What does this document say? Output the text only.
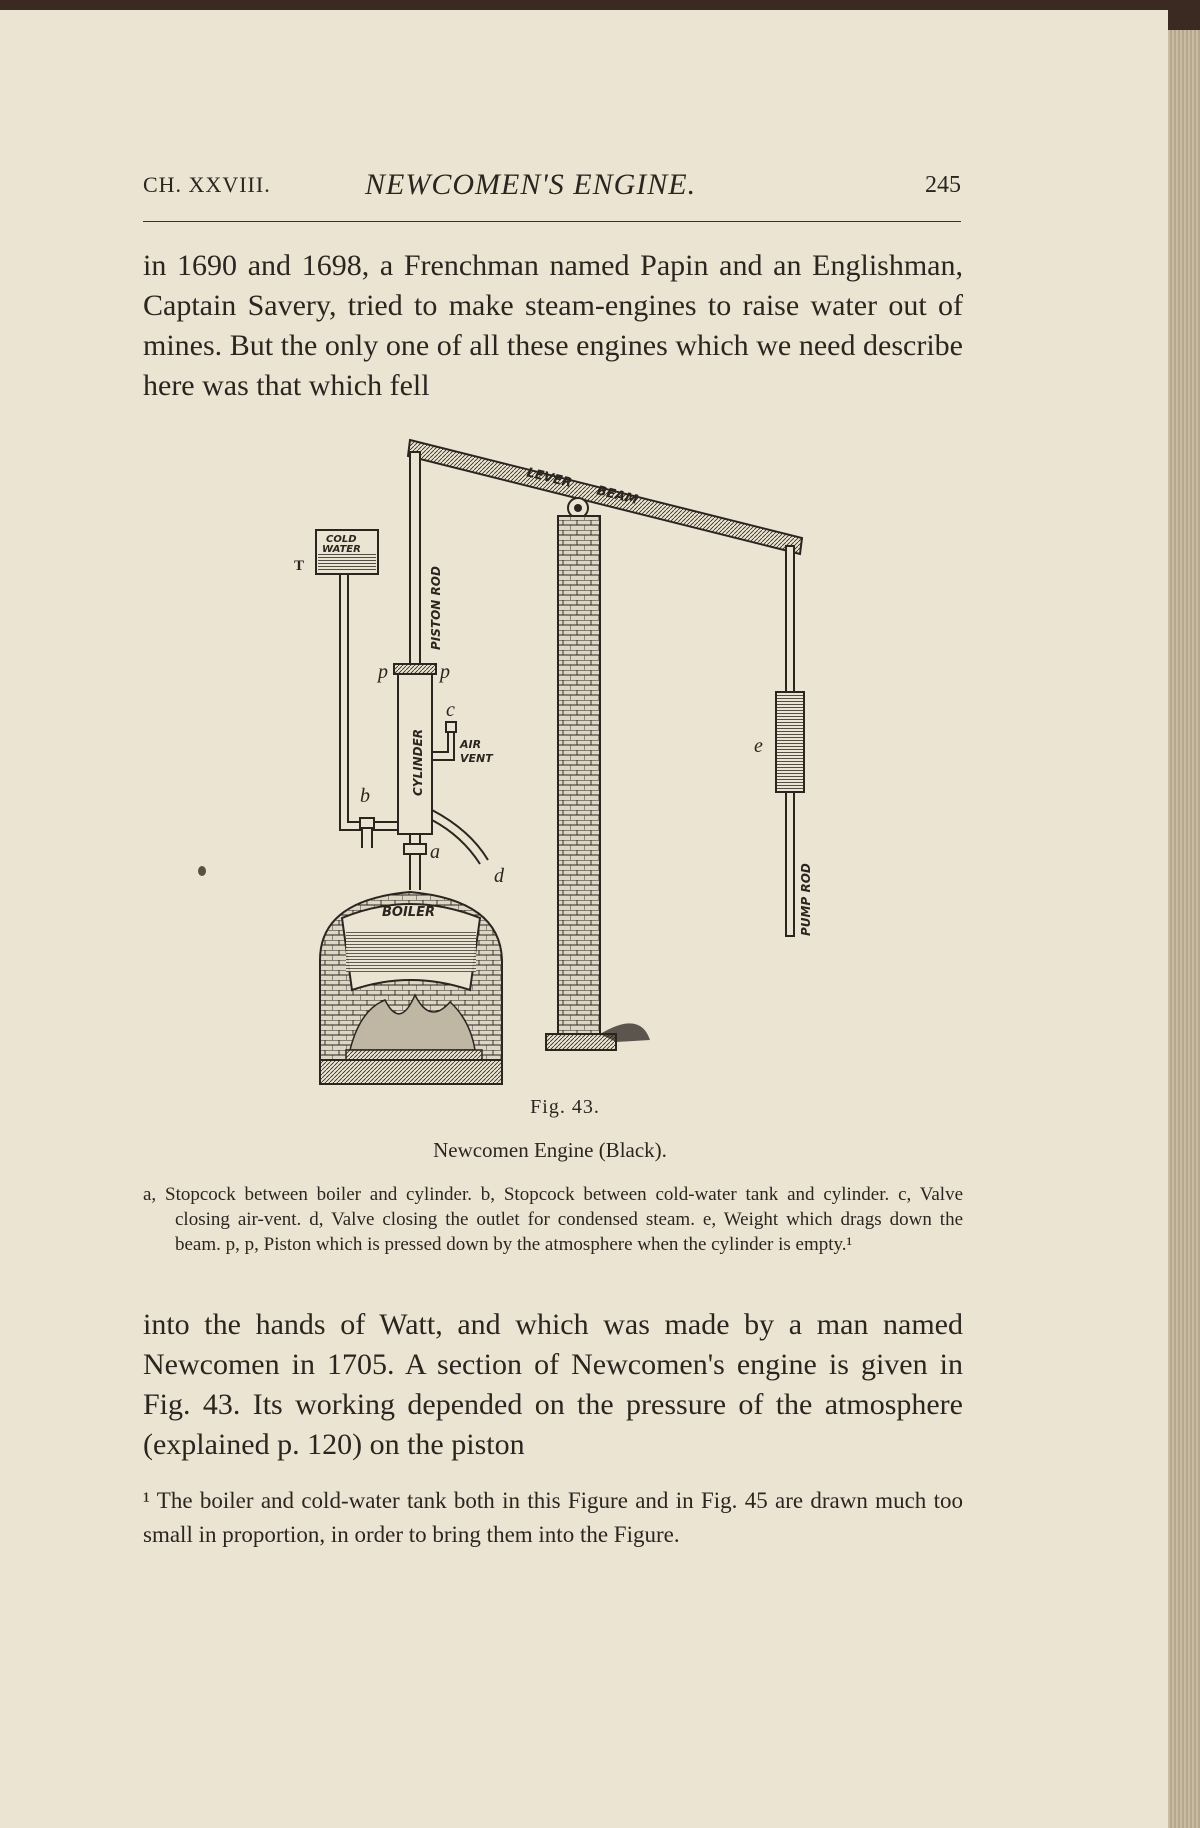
CH. XXVIII.	NEWCOMEN'S ENGINE.	245
in 1690 and 1698, a Frenchman named Papin and an Englishman, Captain Savery, tried to make steam-engines to raise water out of mines. But the only one of all these engines which we need describe here was that which fell
LEVER
BEAM
PISTON ROD
COLD
WATER
T
b
p	p
CYLINDER
c
AIR
VENT
d
a
BOILER
e
PUMP ROD
Fig. 43.
Newcomen Engine (Black).
a, Stopcock between boiler and cylinder. b, Stopcock between cold-water tank and cylinder. c, Valve closing air-vent. d, Valve closing the outlet for condensed steam. e, Weight which drags down the beam. p, p, Piston which is pressed down by the atmosphere when the cylinder is empty.¹
into the hands of Watt, and which was made by a man named Newcomen in 1705. A section of Newcomen's engine is given in Fig. 43. Its working depended on the pressure of the atmosphere (explained p. 120) on the piston
¹ The boiler and cold-water tank both in this Figure and in Fig. 45 are drawn much too small in proportion, in order to bring them into the Figure.
